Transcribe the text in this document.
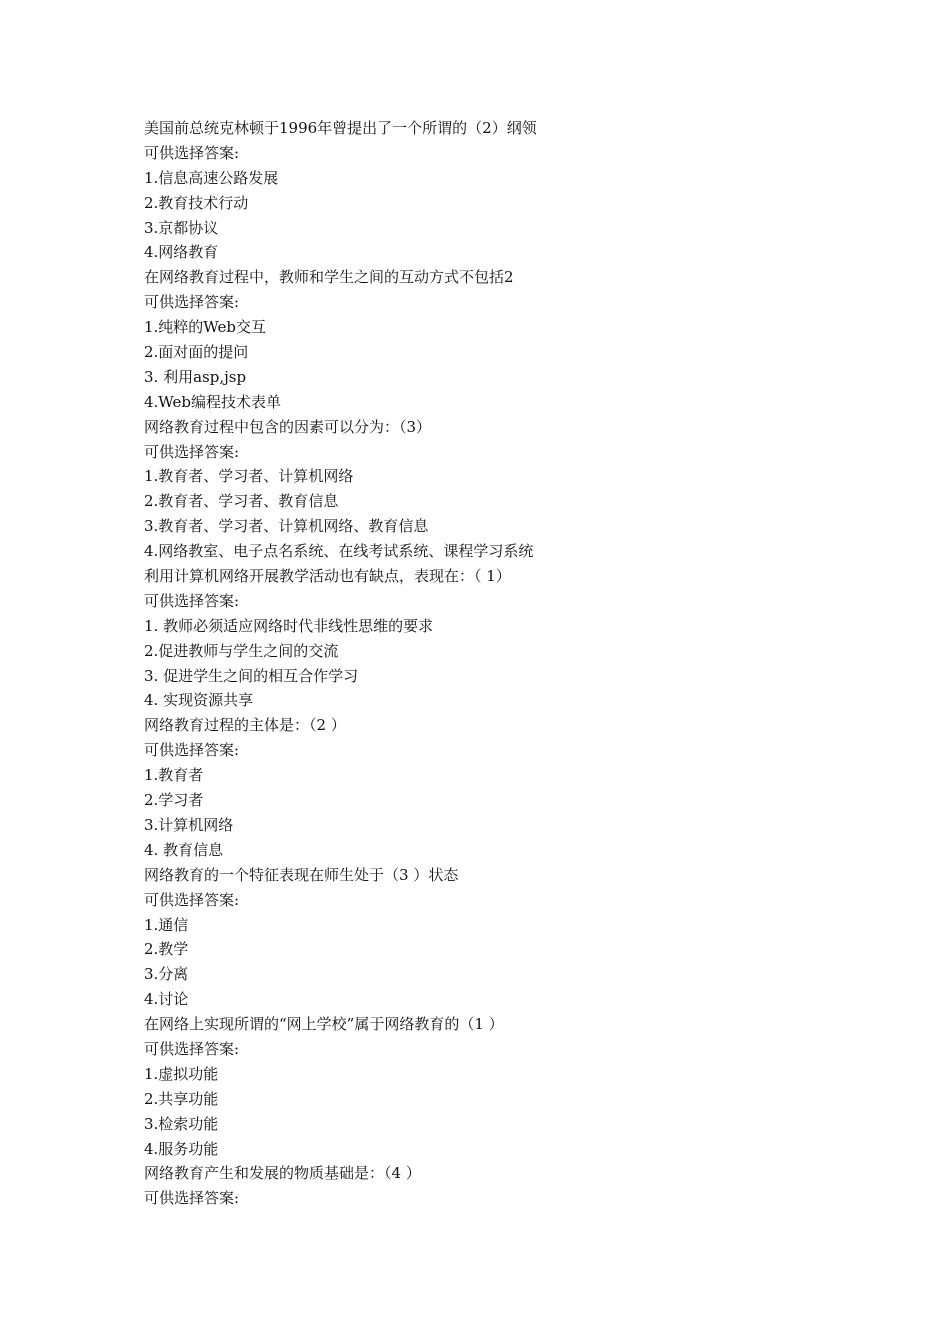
美国前总统克林顿于1996年曾提出了一个所谓的（2）纲领
可供选择答案:
1.信息高速公路发展
2.教育技术行动
3.京都协议
4.网络教育
在网络教育过程中，教师和学生之间的互动方式不包括2
可供选择答案:
1.纯粹的Web交互
2.面对面的提问
3. 利用asp,jsp
4.Web编程技术表单
网络教育过程中包含的因素可以分为：（3）
可供选择答案:
1.教育者、学习者、计算机网络
2.教育者、学习者、教育信息
3.教育者、学习者、计算机网络、教育信息
4.网络教室、电子点名系统、在线考试系统、课程学习系统
利用计算机网络开展教学活动也有缺点，表现在：（ 1）
可供选择答案:
1. 教师必须适应网络时代非线性思维的要求
2.促进教师与学生之间的交流
3. 促进学生之间的相互合作学习
4. 实现资源共享
网络教育过程的主体是：（2 ）
可供选择答案:
1.教育者
2.学习者
3.计算机网络
4. 教育信息
网络教育的一个特征表现在师生处于（3 ）状态
可供选择答案:
1.通信
2.教学
3.分离
4.讨论
在网络上实现所谓的“网上学校”属于网络教育的（1 ）
可供选择答案:
1.虚拟功能
2.共享功能
3.检索功能
4.服务功能
网络教育产生和发展的物质基础是：（4 ）
可供选择答案:
